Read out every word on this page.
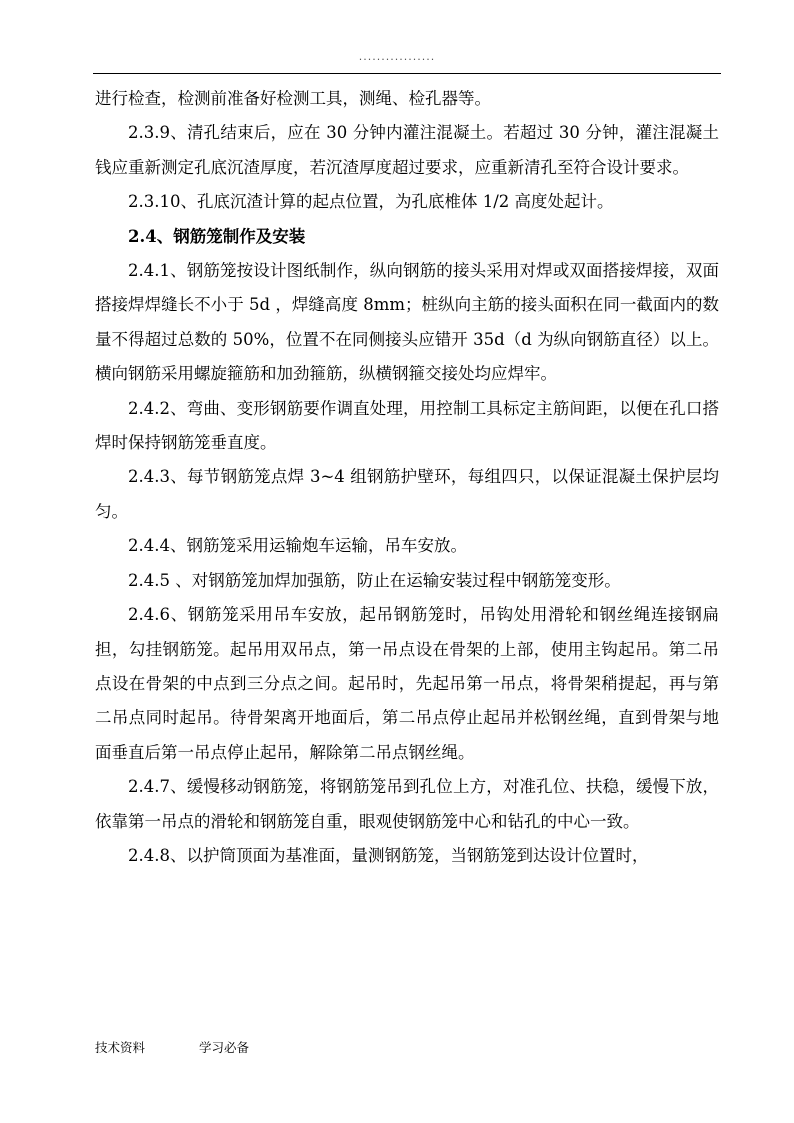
.................

进行检查，检测前准备好检测工具，测绳、检孔器等。

2.3.9、清孔结束后，应在 30 分钟内灌注混凝土。若超过 30 分钟，灌注混凝土钱应重新测定孔底沉渣厚度，若沉渣厚度超过要求，应重新清孔至符合设计要求。

2.3.10、孔底沉渣计算的起点位置，为孔底椎体 1/2 高度处起计。

2.4、钢筋笼制作及安装

2.4.1、钢筋笼按设计图纸制作，纵向钢筋的接头采用对焊或双面搭接焊接，双面搭接焊焊缝长不小于 5d ，焊缝高度 8mm；桩纵向主筋的接头面积在同一截面内的数量不得超过总数的 50%，位置不在同侧接头应错开 35d（d 为纵向钢筋直径）以上。横向钢筋采用螺旋箍筋和加劲箍筋，纵横钢箍交接处均应焊牢。

2.4.2、弯曲、变形钢筋要作调直处理，用控制工具标定主筋间距，以便在孔口搭焊时保持钢筋笼垂直度。

2.4.3、每节钢筋笼点焊 3~4 组钢筋护壁环，每组四只，以保证混凝土保护层均匀。

2.4.4、钢筋笼采用运输炮车运输，吊车安放。

2.4.5 、对钢筋笼加焊加强筋，防止在运输安装过程中钢筋笼变形。

2.4.6、钢筋笼采用吊车安放，起吊钢筋笼时，吊钩处用滑轮和钢丝绳连接钢扁担，勾挂钢筋笼。起吊用双吊点，第一吊点设在骨架的上部，使用主钩起吊。第二吊点设在骨架的中点到三分点之间。起吊时，先起吊第一吊点，将骨架稍提起，再与第二吊点同时起吊。待骨架离开地面后，第二吊点停止起吊并松钢丝绳，直到骨架与地面垂直后第一吊点停止起吊，解除第二吊点钢丝绳。

2.4.7、缓慢移动钢筋笼，将钢筋笼吊到孔位上方，对准孔位、扶稳，缓慢下放，依靠第一吊点的滑轮和钢筋笼自重，眼观使钢筋笼中心和钻孔的中心一致。

2.4.8、以护筒顶面为基准面，量测钢筋笼，当钢筋笼到达设计位置时，

技术资料	学习必备
